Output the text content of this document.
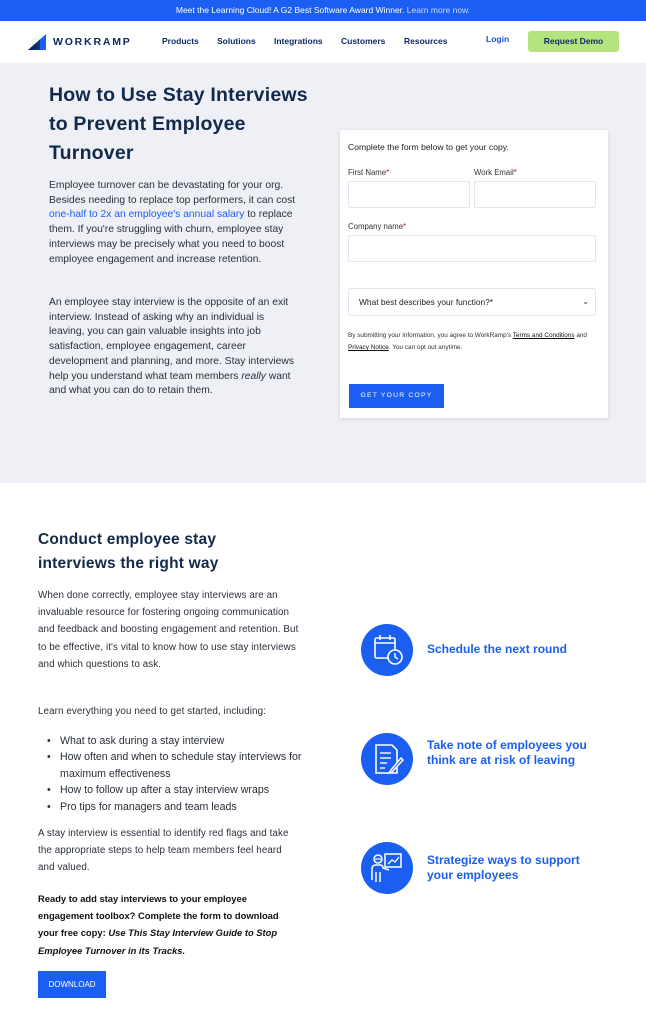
Meet the Learning Cloud! A G2 Best Software Award Winner. Learn more now.
WORKRAMP	Products Solutions Integrations Customers Resources	Login	Request Demo
How to Use Stay Interviews to Prevent Employee Turnover

Employee turnover can be devastating for your org. Besides needing to replace top performers, it can cost one-half to 2x an employee's annual salary to replace them. If you're struggling with churn, employee stay interviews may be precisely what you need to boost employee engagement and increase retention.

An employee stay interview is the opposite of an exit interview. Instead of asking why an individual is leaving, you can gain valuable insights into job satisfaction, employee engagement, career development and planning, and more. Stay interviews help you understand what team members really want and what you can do to retain them.

Complete the form below to get your copy.
First Name*	Work Email*
Company name*
What best describes your function?*	⌄
By submitting your information, you agree to WorkRamp's Terms and Conditions and Privacy Notice. You can opt out anytime.
GET YOUR COPY
Conduct employee stay interviews the right way

When done correctly, employee stay interviews are an invaluable resource for fostering ongoing communication and feedback and boosting engagement and retention. But to be effective, it's vital to know how to use stay interviews and which questions to ask.

Learn everything you need to get started, including:

• What to ask during a stay interview
• How often and when to schedule stay interviews for maximum effectiveness
• How to follow up after a stay interview wraps
• Pro tips for managers and team leads

A stay interview is essential to identify red flags and take the appropriate steps to help team members feel heard and valued.

Ready to add stay interviews to your employee engagement toolbox? Complete the form to download your free copy: Use This Stay Interview Guide to Stop Employee Turnover in its Tracks.

DOWNLOAD
Schedule the next round
Take note of employees you think are at risk of leaving
Strategize ways to support your employees
